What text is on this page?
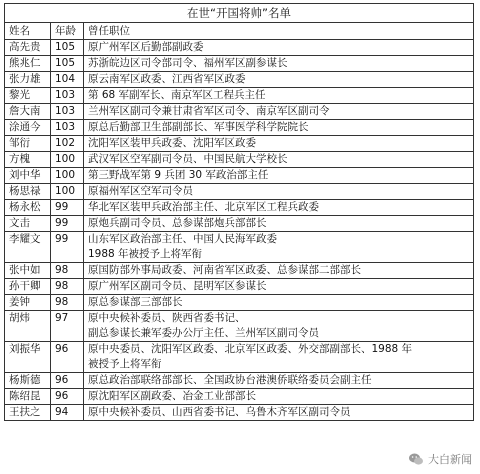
在世“开国将帅”名单		
姓名	年龄	曾任职位
高先贵	105	原广州军区后勤部副政委

熊兆仁	105	苏浙皖边区司令部司令、福州军区副参谋长

张力雄	104	原云南军区政委、江西省军区政委

黎光	103	第 68 军副军长、南京军区工程兵主任

詹大南	103	兰州军区副司令兼甘肃省军区司令、南京军区副司令

涂通今	103	原总后勤部卫生部副部长、军事医学科学院院长

邹衍	102	沈阳军区装甲兵政委、沈阳军区政委

方槐	100	武汉军区空军副司令员、中国民航大学校长

刘中华	100	第三野战军第 9 兵团 30 军政治部主任

杨思禄	100	原福州军区空军司令员

杨永松	99	华北军区装甲兵政治部主任、北京军区工程兵政委

文击	99	原炮兵副司令员、总参谋部炮兵部部长

李耀文	99	山东军区政治部主任、中国人民海军政委
1988 年被授予上将军衔

张中如	98	原国防部外事局政委、河南省军区政委、总参谋部二部部长

孙干卿	98	原广州军区副司令员、昆明军区参谋长

姜钟	98	原总参谋部三部部长

胡炜	97	原中央候补委员、陕西省委书记、
副总参谋长兼军委办公厅主任、兰州军区副司令员

刘振华	96	原中央委员、沈阳军区政委、北京军区政委、外交部副部长、1988 年
被授予上将军衔

杨斯德	96	原总政治部联络部部长、全国政协台港澳侨联络委员会副主任

陈绍昆	96	原沈阳军区副政委、冶金工业部部长

王扶之	94	原中央候补委员、山西省委书记、乌鲁木齐军区副司令员
大白新闻
